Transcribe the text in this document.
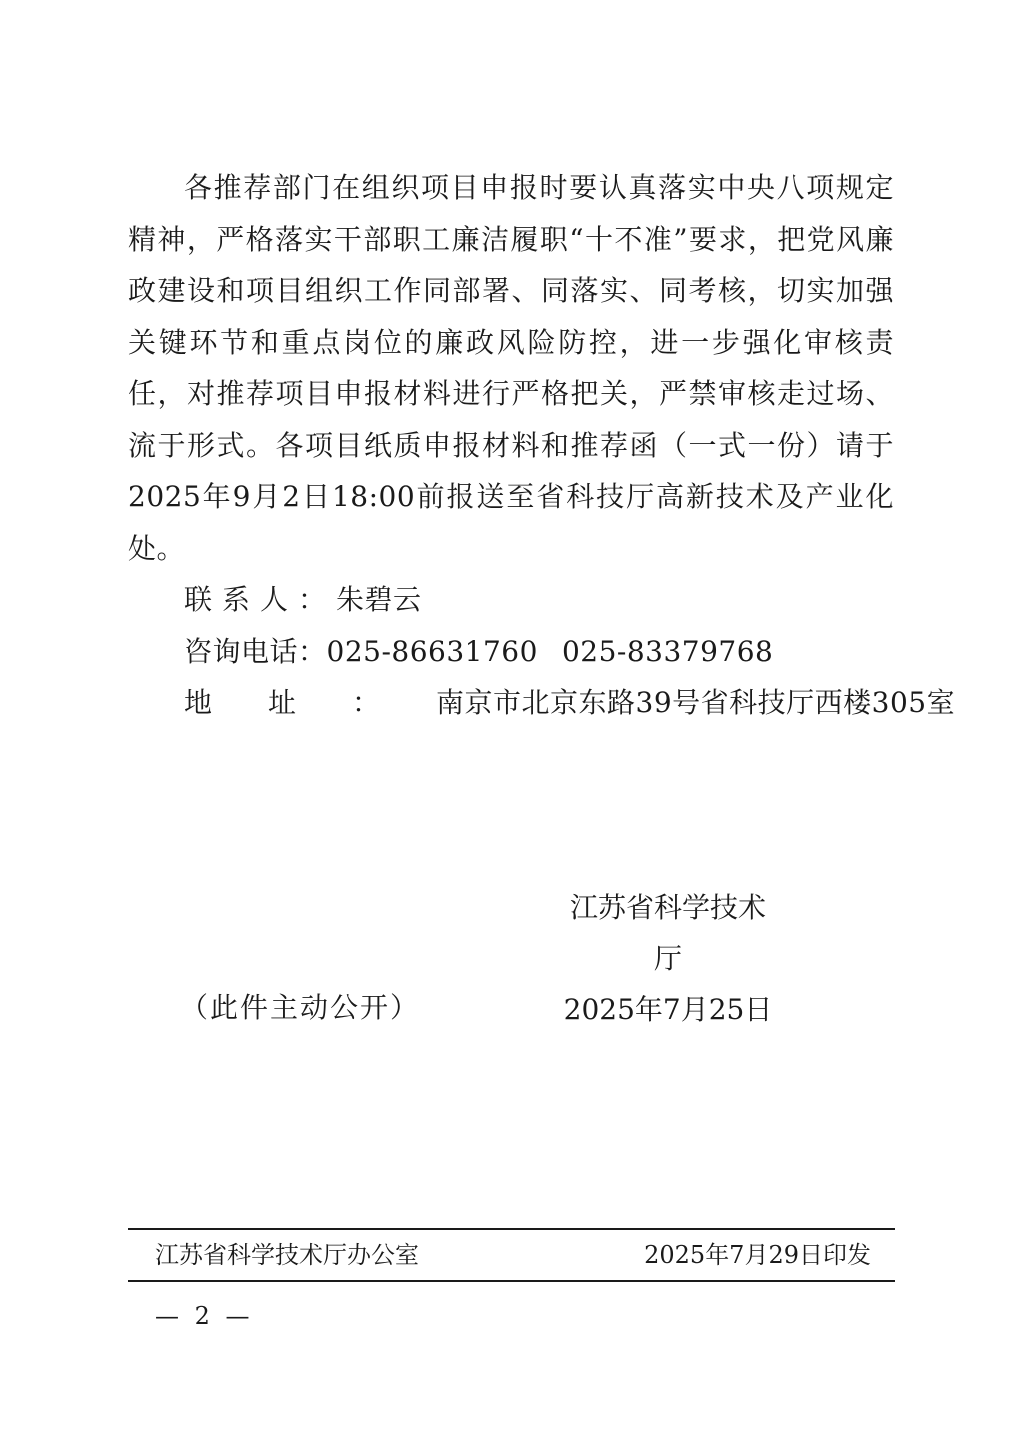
各推荐部门在组织项目申报时要认真落实中央八项规定精神，严格落实干部职工廉洁履职“十不准”要求，把党风廉政建设和项目组织工作同部署、同落实、同考核，切实加强关键环节和重点岗位的廉政风险防控，进一步强化审核责任，对推荐项目申报材料进行严格把关，严禁审核走过场、流于形式。各项目纸质申报材料和推荐函（一式一份）请于2025年9月2日18:00前报送至省科技厅高新技术及产业化处。

联系人：朱碧云

咨询电话：025-86631760 025-83379768

地址：南京市北京东路39号省科技厅西楼305室

江苏省科学技术厅
2025年7月25日
（此件主动公开）
江苏省科学技术厅办公室	2025年7月29日印发
— 2 —
